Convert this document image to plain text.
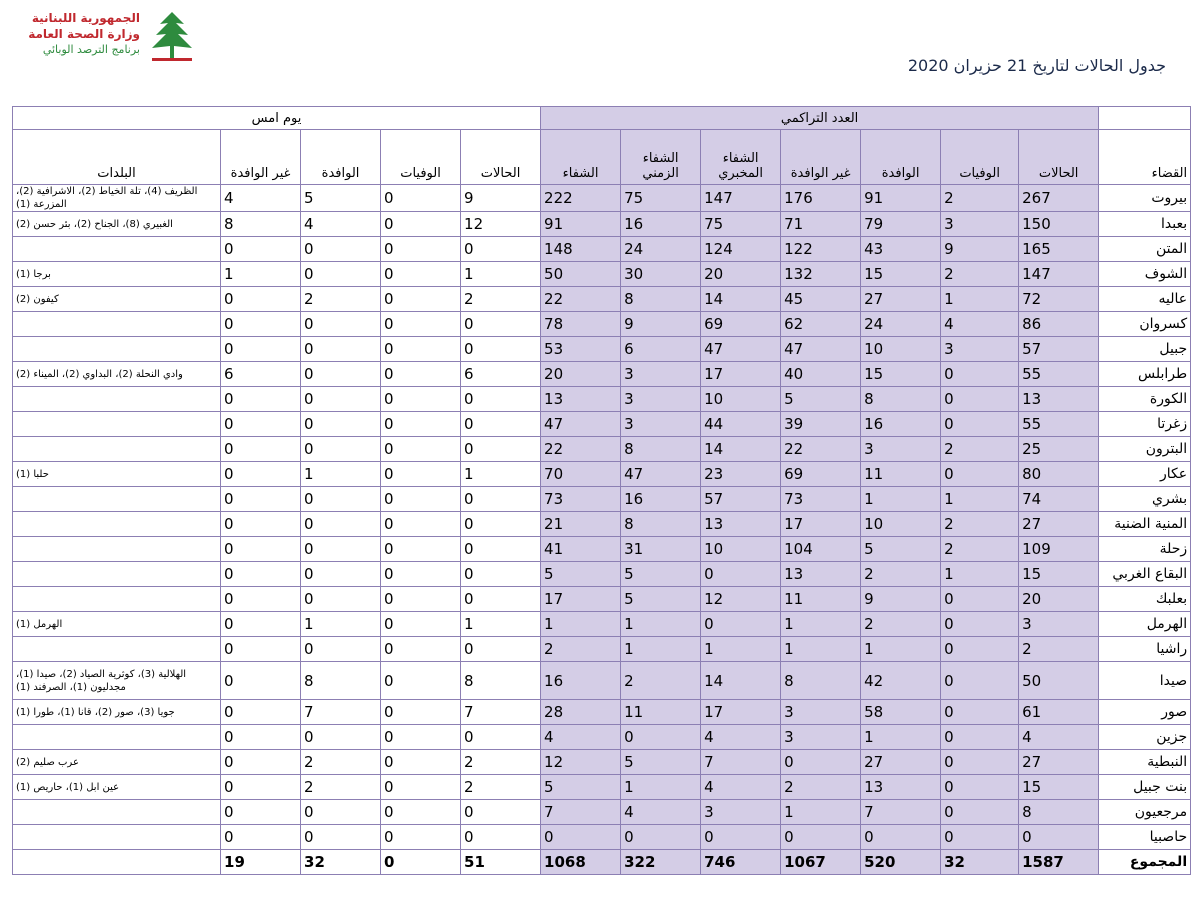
الجمهورية اللبنانية
وزارة الصحة العامة
برنامج الترصد الوبائي
جدول الحالات لتاريخ 21 حزيران 2020
	العدد التراكمي							يوم امس				
القضاء	الحالات	الوفيات	الوافدة	غير الوافدة	الشفاء المخبري	الشفاء الزمني	الشفاء	الحالات	الوفيات	الوافدة	غير الوافدة	البلدات
بيروت	267	2	91	176	147	75	222	9	0	5	4	الظريف (4)، تلة الخياط (2)، الاشرافية (2)، المزرعة (1)
بعبدا	150	3	79	71	75	16	91	12	0	4	8	الغبيري (8)، الجناح (2)، بئر حسن (2)
المتن	165	9	43	122	124	24	148	0	0	0	0	
الشوف	147	2	15	132	20	30	50	1	0	0	1	برجا (1)
عاليه	72	1	27	45	14	8	22	2	0	2	0	كيفون (2)
كسروان	86	4	24	62	69	9	78	0	0	0	0	
جبيل	57	3	10	47	47	6	53	0	0	0	0	
طرابلس	55	0	15	40	17	3	20	6	0	0	6	وادي النحلة (2)، البداوي (2)، الميناء (2)
الكورة	13	0	8	5	10	3	13	0	0	0	0	
زغرتا	55	0	16	39	44	3	47	0	0	0	0	
البترون	25	2	3	22	14	8	22	0	0	0	0	
عكار	80	0	11	69	23	47	70	1	0	1	0	حلبا (1)
بشري	74	1	1	73	57	16	73	0	0	0	0	
المنية الضنية	27	2	10	17	13	8	21	0	0	0	0	
زحلة	109	2	5	104	10	31	41	0	0	0	0	
البقاع الغربي	15	1	2	13	0	5	5	0	0	0	0	
بعلبك	20	0	9	11	12	5	17	0	0	0	0	
الهرمل	3	0	2	1	0	1	1	1	0	1	0	الهرمل (1)
راشيا	2	0	1	1	1	1	2	0	0	0	0	
صيدا	50	0	42	8	14	2	16	8	0	8	0	الهلالية (3)، كوثرية الصياد (2)، صيدا (1)، مجدليون (1)، الصرفند (1)
صور	61	0	58	3	17	11	28	7	0	7	0	جويا (3)، صور (2)، قانا (1)، طورا (1)
جزين	4	0	1	3	4	0	4	0	0	0	0	
النبطية	27	0	27	0	7	5	12	2	0	2	0	عرب صليم (2)
بنت جبيل	15	0	13	2	4	1	5	2	0	2	0	عين ابل (1)، حاريص (1)
مرجعيون	8	0	7	1	3	4	7	0	0	0	0	
حاصبيا	0	0	0	0	0	0	0	0	0	0	0	
المجموع	1587	32	520	1067	746	322	1068	51	0	32	19	
